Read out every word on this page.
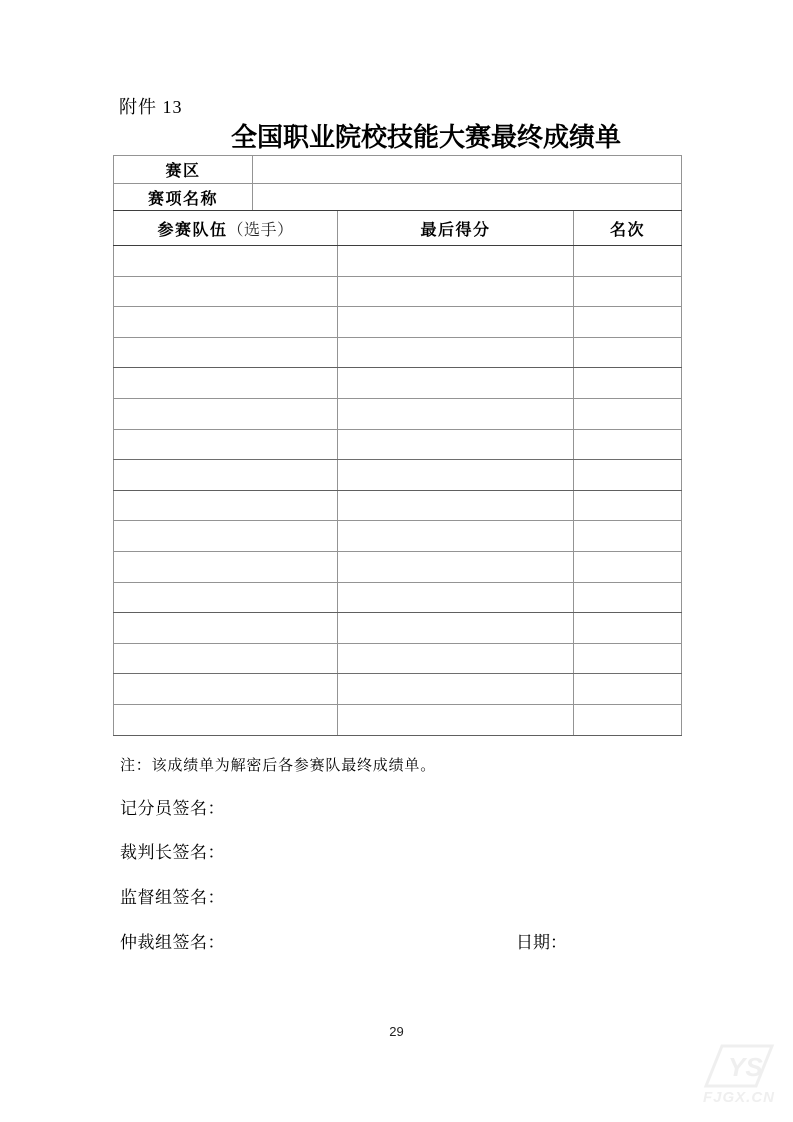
附件 13
全国职业院校技能大赛最终成绩单
赛区			
赛项名称			
参赛队伍（选手）		最后得分	名次

注：该成绩单为解密后各参赛队最终成绩单。
记分员签名：
裁判长签名：
监督组签名：
仲裁组签名：	日期：
29
YS
FJGX.CN
